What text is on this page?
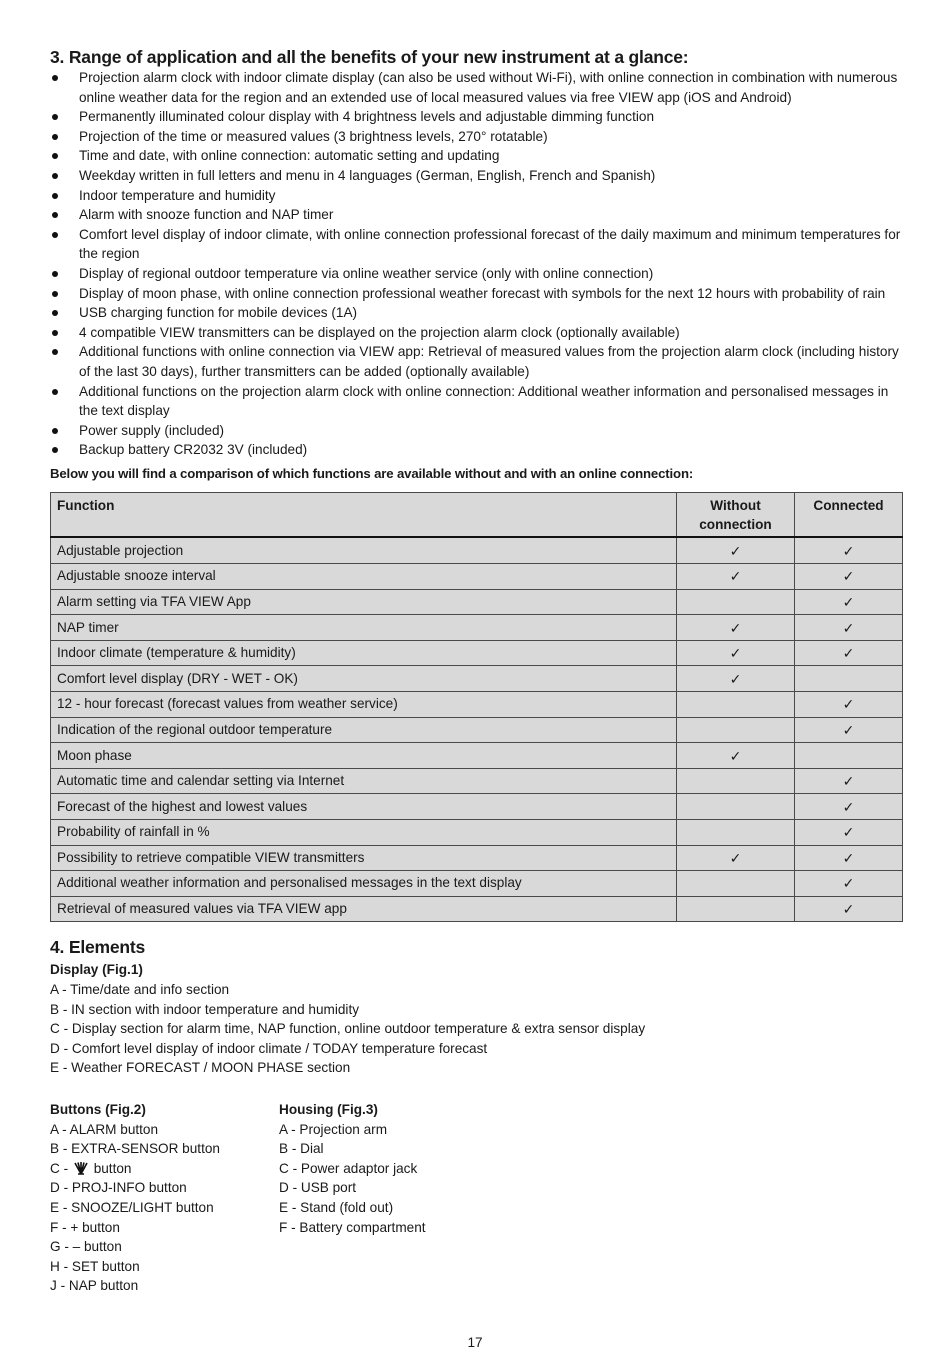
3. Range of application and all the benefits of your new instrument at a glance:
Projection alarm clock with indoor climate display (can also be used without Wi-Fi), with online connection in combination with numerous online weather data for the region and an extended use of local measured values via free VIEW app (iOS and Android)
Permanently illuminated colour display with 4 brightness levels and adjustable dimming function
Projection of the time or measured values (3 brightness levels, 270° rotatable)
Time and date, with online connection: automatic setting and updating
Weekday written in full letters and menu in 4 languages (German, English, French and Spanish)
Indoor temperature and humidity
Alarm with snooze function and NAP timer
Comfort level display of indoor climate, with online connection professional forecast of the daily maximum and minimum temperatures for the region
Display of regional outdoor temperature via online weather service (only with online connection)
Display of moon phase, with online connection professional weather forecast with symbols for the next 12 hours with probability of rain
USB charging function for mobile devices (1A)
4 compatible VIEW transmitters can be displayed on the projection alarm clock (optionally available)
Additional functions with online connection via VIEW app: Retrieval of measured values from the projection alarm clock (including history of the last 30 days), further transmitters can be added (optionally available)
Additional functions on the projection alarm clock with online connection: Additional weather information and personalised messages in the text display
Power supply (included)
Backup battery CR2032 3V (included)
Below you will find a comparison of which functions are available without and with an online connection:
Function	Without connection	Connected
Adjustable projection	✓	✓
Adjustable snooze interval	✓	✓
Alarm setting via TFA VIEW App		✓
NAP timer	✓	✓
Indoor climate (temperature & humidity)	✓	✓
Comfort level display (DRY - WET - OK)	✓	
12 - hour forecast (forecast values from weather service)		✓
Indication of the regional outdoor temperature		✓
Moon phase	✓	
Automatic time and calendar setting via Internet		✓
Forecast of the highest and lowest values		✓
Probability of rainfall in %		✓
Possibility to retrieve compatible VIEW transmitters	✓	✓
Additional weather information and personalised messages in the text display		✓
Retrieval of measured values via TFA VIEW app		✓
4. Elements
Display (Fig.1)
A - Time/date and info section
B - IN section with indoor temperature and humidity
C - Display section for alarm time, NAP function, online outdoor temperature & extra sensor display
D - Comfort level display of indoor climate / TODAY temperature forecast
E - Weather FORECAST / MOON PHASE section
Buttons (Fig.2)
A - ALARM button
B - EXTRA-SENSOR button
C - button
D - PROJ-INFO button
E - SNOOZE/LIGHT button
F - + button
G - – button
H - SET button
J - NAP button
Housing (Fig.3)
A - Projection arm
B - Dial
C - Power adaptor jack
D - USB port
E - Stand (fold out)
F - Battery compartment
17
